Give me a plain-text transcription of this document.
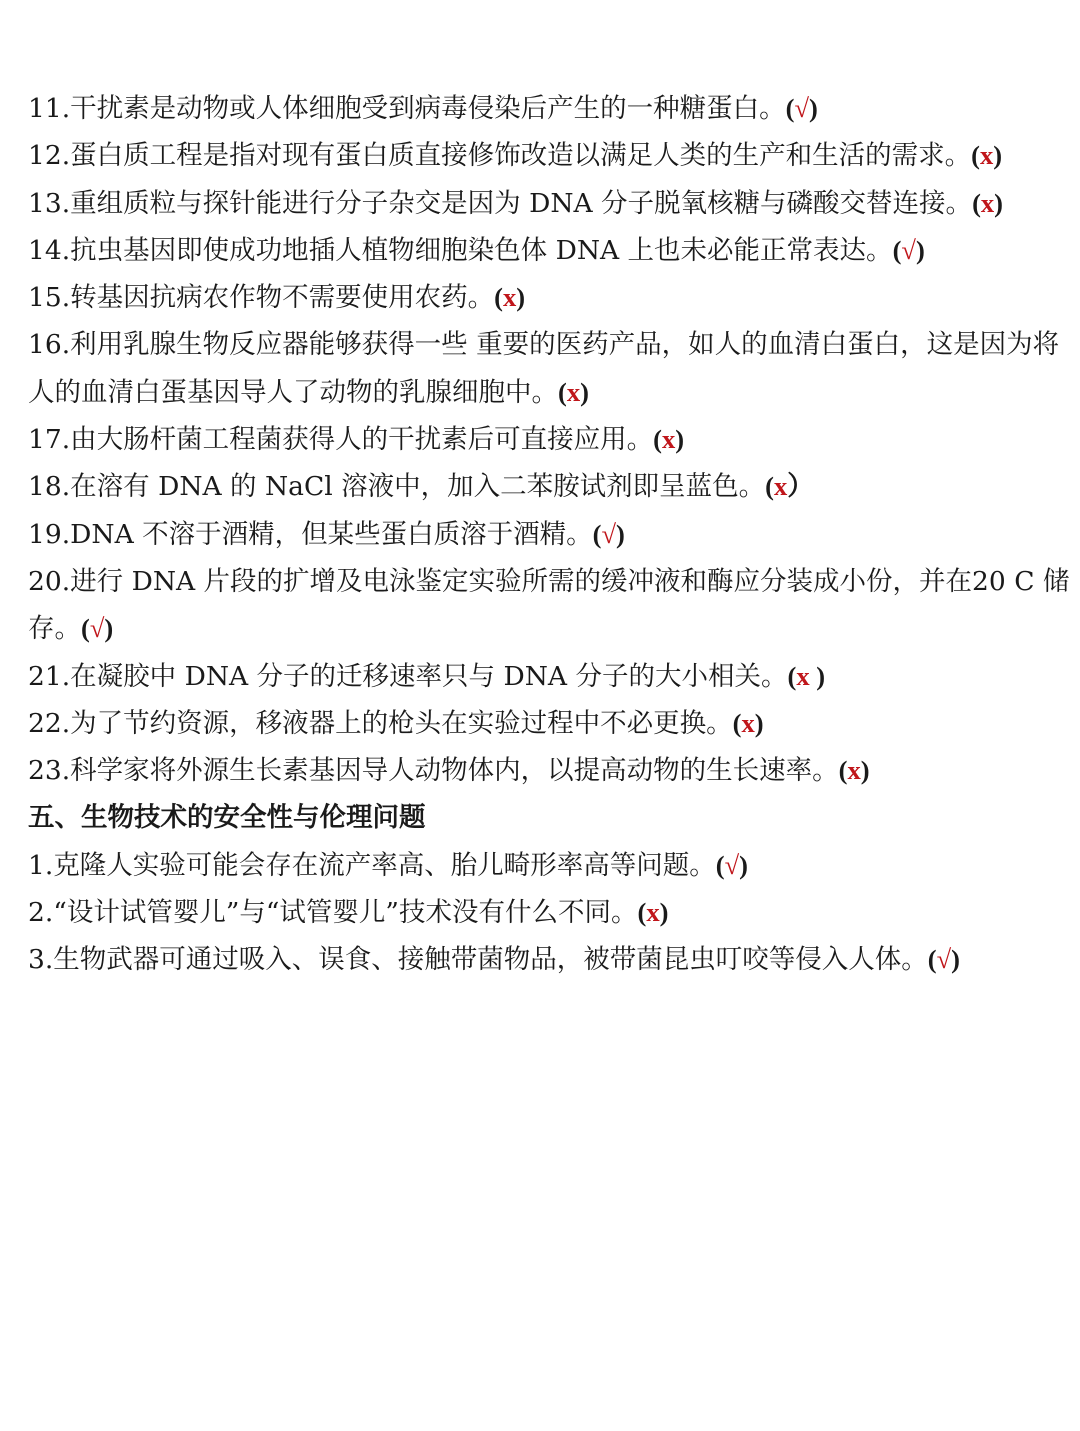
11.干扰素是动物或人体细胞受到病毒侵染后产生的一种糖蛋白。(√)
12.蛋白质工程是指对现有蛋白质直接修饰改造以满足人类的生产和生活的需求。(x)
13.重组质粒与探针能进行分子杂交是因为 DNA 分子脱氧核糖与磷酸交替连接。(x)
14.抗虫基因即使成功地插人植物细胞染色体 DNA 上也未必能正常表达。(√)
15.转基因抗病农作物不需要使用农药。(x)
16.利用乳腺生物反应器能够获得一些 重要的医药产品，如人的血清白蛋白，这是因为将人的血清白蛋基因导人了动物的乳腺细胞中。(x)
17.由大肠杆菌工程菌获得人的干扰素后可直接应用。(x)
18.在溶有 DNA 的 NaCl 溶液中，加入二苯胺试剂即呈蓝色。(x）
19.DNA 不溶于酒精，但某些蛋白质溶于酒精。(√)
20.进行 DNA 片段的扩增及电泳鉴定实验所需的缓冲液和酶应分装成小份，并在20 C 储存。(√)
21.在凝胶中 DNA 分子的迁移速率只与 DNA 分子的大小相关。(x )
22.为了节约资源，移液器上的枪头在实验过程中不必更换。(x)
23.科学家将外源生长素基因导人动物体内，以提高动物的生长速率。(x)
五、生物技术的安全性与伦理问题
1.克隆人实验可能会存在流产率高、胎儿畸形率高等问题。(√)
2.“设计试管婴儿”与“试管婴儿”技术没有什么不同。(x)
3.生物武器可通过吸入、误食、接触带菌物品，被带菌昆虫叮咬等侵入人体。(√)
